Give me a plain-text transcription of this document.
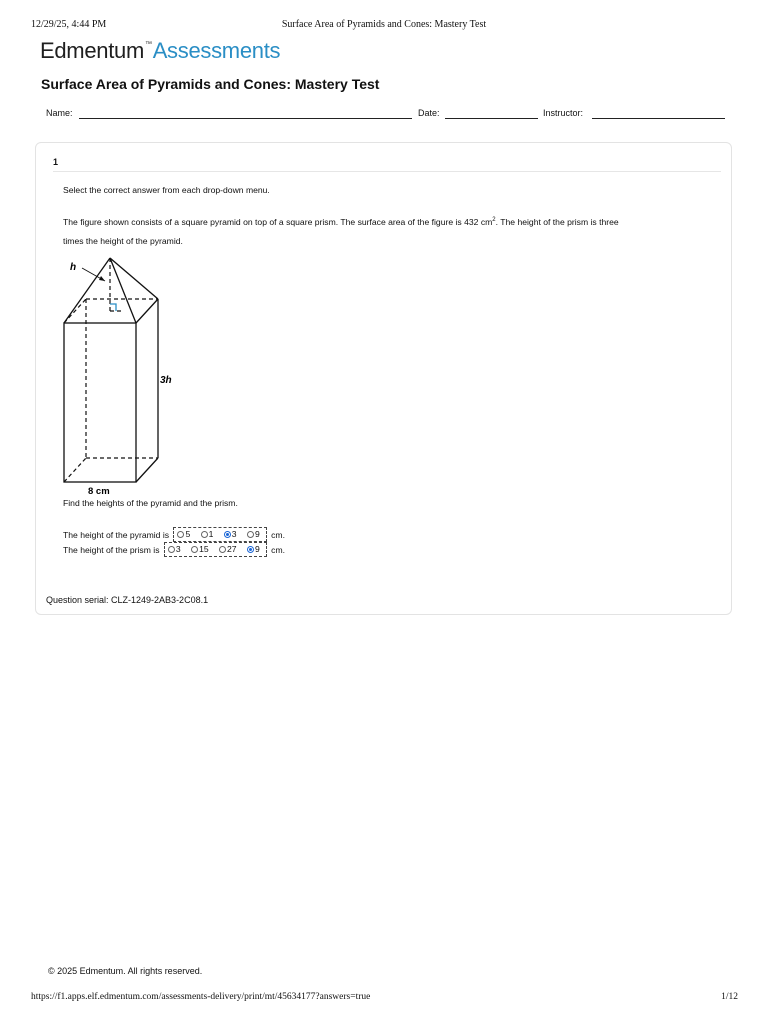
12/29/25, 4:44 PM	Surface Area of Pyramids and Cones: Mastery Test
Edmentum™Assessments
Surface Area of Pyramids and Cones: Mastery Test
Name:	Date:	Instructor:
1
Select the correct answer from each drop-down menu.
The figure shown consists of a square pyramid on top of a square prism. The surface area of the figure is 432 $cm^2$. The height of the prism is three
times the height of the pyramid.
h
3h
8 cm
Find the heights of the pyramid and the prism.
The height of the pyramid is 5 1 3 9 cm.
The height of the prism is 3 15 27 9 cm.
Question serial: CLZ-1249-2AB3-2C08.1
© 2025 Edmentum. All rights reserved.
https://f1.apps.elf.edmentum.com/assessments-delivery/print/mt/45634177?answers=true	1/12
